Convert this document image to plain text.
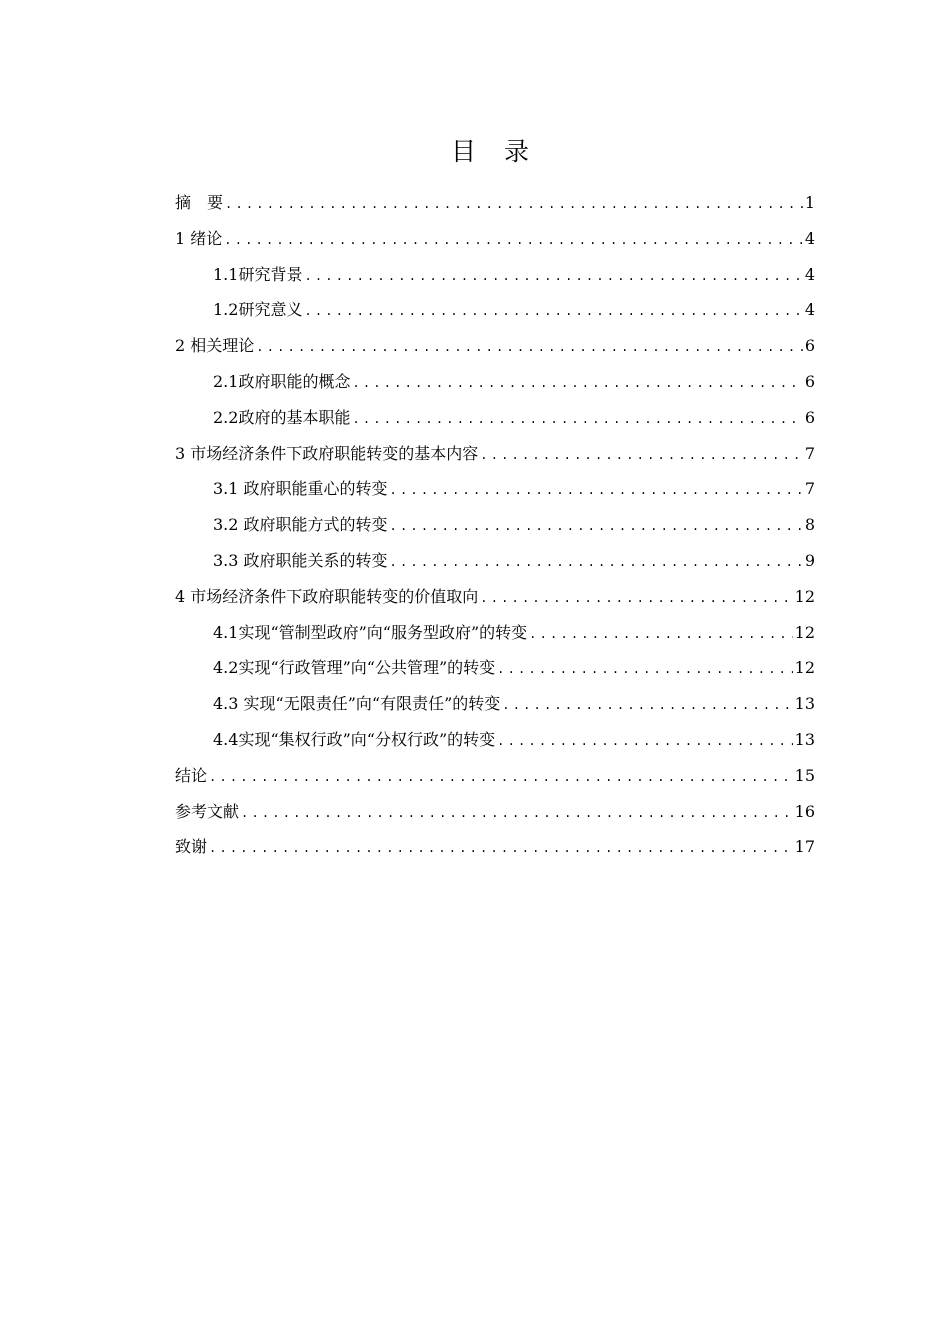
目 录
摘　要 .....	1
1 绪论 .....	4
1.1研究背景 .....	4
1.2研究意义 .....	4
2 相关理论 .....	6
2.1政府职能的概念 .....	6
2.2政府的基本职能 .....	6
3 市场经济条件下政府职能转变的基本内容 .....	7
3.1 政府职能重心的转变 .....	7
3.2 政府职能方式的转变 .....	8
3.3 政府职能关系的转变 .....	9
4 市场经济条件下政府职能转变的价值取向 .....	12
4.1实现“管制型政府”向“服务型政府”的转变 .....	12
4.2实现“行政管理”向“公共管理”的转变 .....	12
4.3 实现“无限责任”向“有限责任”的转变 .....	13
4.4实现“集权行政”向“分权行政”的转变 .....	13
结论 .....	15
参考文献 .....	16
致谢 .....	17
